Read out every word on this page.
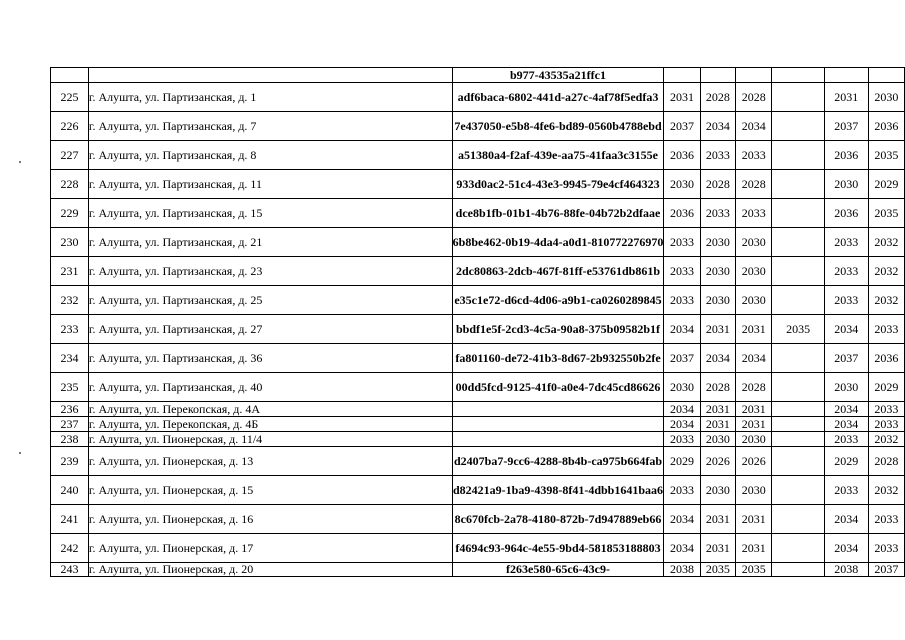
		b977-43535a21ffc1						
225	г. Алушта, ул. Партизанская, д. 1	adf6baca-6802-441d-a27c-4af78f5edfa3	2031	2028	2028		2031	2030
226	г. Алушта, ул. Партизанская, д. 7	7e437050-e5b8-4fe6-bd89-0560b4788ebd	2037	2034	2034		2037	2036
227	г. Алушта, ул. Партизанская, д. 8	a51380a4-f2af-439e-aa75-41faa3c3155e	2036	2033	2033		2036	2035
228	г. Алушта, ул. Партизанская, д. 11	933d0ac2-51c4-43e3-9945-79e4cf464323	2030	2028	2028		2030	2029
229	г. Алушта, ул. Партизанская, д. 15	dce8b1fb-01b1-4b76-88fe-04b72b2dfaae	2036	2033	2033		2036	2035
230	г. Алушта, ул. Партизанская, д. 21	6b8be462-0b19-4da4-a0d1-810772276970	2033	2030	2030		2033	2032
231	г. Алушта, ул. Партизанская, д. 23	2dc80863-2dcb-467f-81ff-e53761db861b	2033	2030	2030		2033	2032
232	г. Алушта, ул. Партизанская, д. 25	e35c1e72-d6cd-4d06-a9b1-ca0260289845	2033	2030	2030		2033	2032
233	г. Алушта, ул. Партизанская, д. 27	bbdf1e5f-2cd3-4c5a-90a8-375b09582b1f	2034	2031	2031	2035	2034	2033
234	г. Алушта, ул. Партизанская, д. 36	fa801160-de72-41b3-8d67-2b932550b2fe	2037	2034	2034		2037	2036
235	г. Алушта, ул. Партизанская, д. 40	00dd5fcd-9125-41f0-a0e4-7dc45cd86626	2030	2028	2028		2030	2029
236	г. Алушта, ул. Перекопская, д. 4А		2034	2031	2031		2034	2033
237	г. Алушта, ул. Перекопская, д. 4Б		2034	2031	2031		2034	2033
238	г. Алушта, ул. Пионерская, д. 11/4		2033	2030	2030		2033	2032
239	г. Алушта, ул. Пионерская, д. 13	d2407ba7-9cc6-4288-8b4b-ca975b664fab	2029	2026	2026		2029	2028
240	г. Алушта, ул. Пионерская, д. 15	d82421a9-1ba9-4398-8f41-4dbb1641baa6	2033	2030	2030		2033	2032
241	г. Алушта, ул. Пионерская, д. 16	8c670fcb-2a78-4180-872b-7d947889eb66	2034	2031	2031		2034	2033
242	г. Алушта, ул. Пионерская, д. 17	f4694c93-964c-4e55-9bd4-581853188803	2034	2031	2031		2034	2033
243	г. Алушта, ул. Пионерская, д. 20	f263e580-65c6-43c9-	2038	2035	2035		2038	2037
